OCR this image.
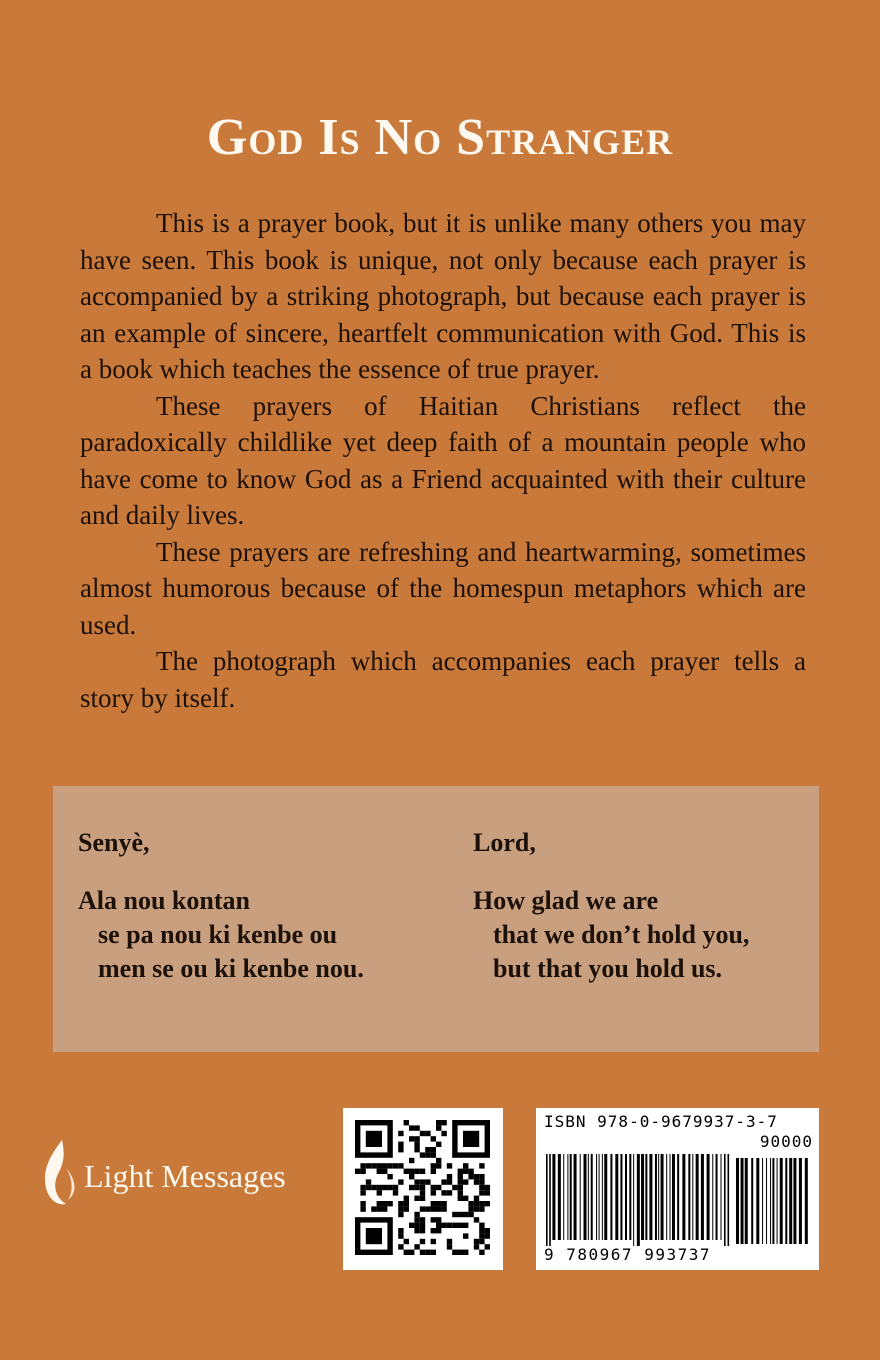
God Is No Stranger

This is a prayer book, but it is unlike many others you may have seen. This book is unique, not only because each prayer is accompanied by a striking photograph, but because each prayer is an example of sincere, heartfelt communication with God. This is a book which teaches the essence of true prayer.

These prayers of Haitian Christians reflect the paradoxically childlike yet deep faith of a mountain people who have come to know God as a Friend acquainted with their culture and daily lives.

These prayers are refreshing and heartwarming, sometimes almost humorous because of the homespun metaphors which are used.

The photograph which accompanies each prayer tells a story by itself.

Senyè,
Ala nou kontan
se pa nou ki kenbe ou
men se ou ki kenbe nou.
Lord,
How glad we are
that we don’t hold you,
but that you hold us.
Light Messages
ISBN 978-0-9679937-3-7
90000
9 780967 993737
